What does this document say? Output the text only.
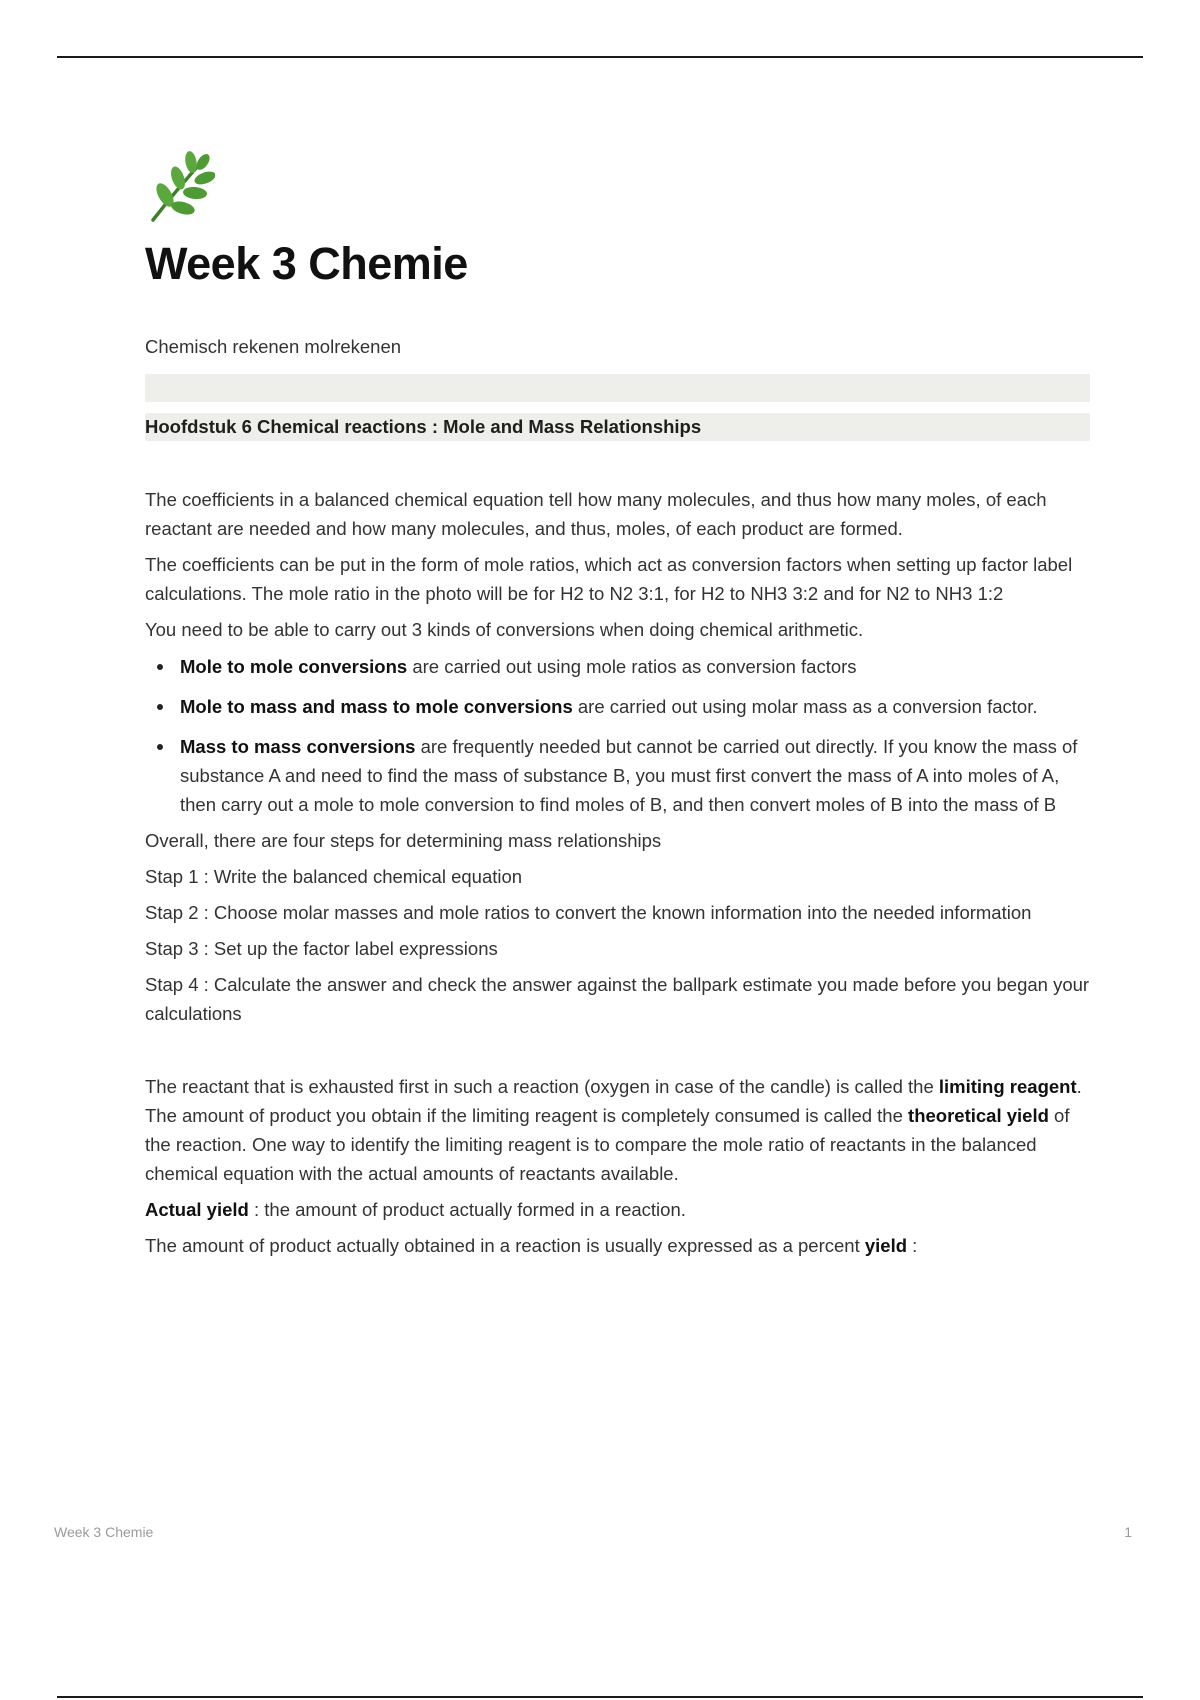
Week 3 Chemie

Chemisch rekenen molrekenen

Hoofdstuk 6 Chemical reactions : Mole and Mass Relationships

The coefficients in a balanced chemical equation tell how many molecules, and thus how many moles, of each reactant are needed and how many molecules, and thus, moles, of each product are formed.

The coefficients can be put in the form of mole ratios, which act as conversion factors when setting up factor label calculations. The mole ratio in the photo will be for H2 to N2 3:1, for H2 to NH3 3:2 and for N2 to NH3 1:2

You need to be able to carry out 3 kinds of conversions when doing chemical arithmetic.

Mole to mole conversions are carried out using mole ratios as conversion factors
Mole to mass and mass to mole conversions are carried out using molar mass as a conversion factor.
Mass to mass conversions are frequently needed but cannot be carried out directly. If you know the mass of substance A and need to find the mass of substance B, you must first convert the mass of A into moles of A, then carry out a mole to mole conversion to find moles of B, and then convert moles of B into the mass of B

Overall, there are four steps for determining mass relationships

Stap 1 : Write the balanced chemical equation

Stap 2 : Choose molar masses and mole ratios to convert the known information into the needed information

Stap 3 : Set up the factor label expressions

Stap 4 : Calculate the answer and check the answer against the ballpark estimate you made before you began your calculations

The reactant that is exhausted first in such a reaction (oxygen in case of the candle) is called the limiting reagent. The amount of product you obtain if the limiting reagent is completely consumed is called the theoretical yield of the reaction. One way to identify the limiting reagent is to compare the mole ratio of reactants in the balanced chemical equation with the actual amounts of reactants available.

Actual yield : the amount of product actually formed in a reaction.

The amount of product actually obtained in a reaction is usually expressed as a percent yield :

Week 3 Chemie	1
